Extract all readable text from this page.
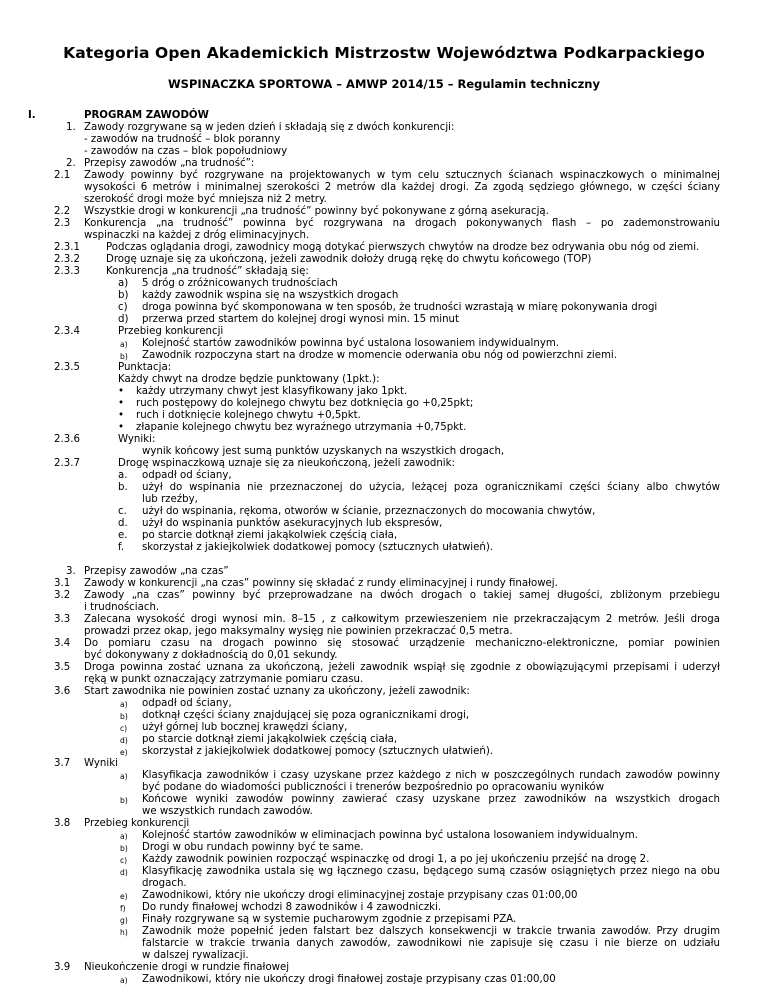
Kategoria Open Akademickich Mistrzostw Województwa Podkarpackiego
WSPINACZKA SPORTOWA – AMWP 2014/15 – Regulamin techniczny
I.	PROGRAM ZAWODÓW
1. Zawody rozgrywane są w jeden dzień i składają się z dwóch konkurencji:
- zawodów na trudność – blok poranny
- zawodów na czas – blok popołudniowy
2. Przepisy zawodów „na trudność”:
2.1 Zawody powinny być rozgrywane na projektowanych w tym celu sztucznych ścianach wspinaczkowych o minimalnej
wysokości 6 metrów i minimalnej szerokości 2 metrów dla każdej drogi. Za zgodą sędziego głównego, w części ściany
szerokość drogi może być mniejsza niż 2 metry.
2.2 Wszystkie drogi w konkurencji „na trudność” powinny być pokonywane z górną asekuracją.
2.3 Konkurencja „na trudność” powinna być rozgrywana na drogach pokonywanych flash – po zademonstrowaniu
wspinaczki na każdej z dróg eliminacyjnych.
2.3.1	Podczas oglądania drogi, zawodnicy mogą dotykać pierwszych chwytów na drodze bez odrywania obu nóg od ziemi.
2.3.2	Drogę uznaje się za ukończoną, jeżeli zawodnik dołoży drugą rękę do chwytu końcowego (TOP)
2.3.3	Konkurencja „na trudność” składają się:
a) 5 dróg o zróżnicowanych trudnościach
b) każdy zawodnik wspina się na wszystkich drogach
c) droga powinna być skomponowana w ten sposób, że trudności wzrastają w miarę pokonywania drogi
d) przerwa przed startem do kolejnej drogi wynosi min. 15 minut
2.3.4	Przebieg konkurencji
a) Kolejność startów zawodników powinna być ustalona losowaniem indywidualnym.
b) Zawodnik rozpoczyna start na drodze w momencie oderwania obu nóg od powierzchni ziemi.
2.3.5	Punktacja:
Każdy chwyt na drodze będzie punktowany (1pkt.):
• każdy utrzymany chwyt jest klasyfikowany jako 1pkt.
• ruch postępowy do kolejnego chwytu bez dotknięcia go +0,25pkt;
• ruch i dotknięcie kolejnego chwytu +0,5pkt.
• złapanie kolejnego chwytu bez wyraźnego utrzymania +0,75pkt.
2.3.6	Wyniki:
wynik końcowy jest sumą punktów uzyskanych na wszystkich drogach,
2.3.7	Drogę wspinaczkową uznaje się za nieukończoną, jeżeli zawodnik:
a. odpadł od ściany,
b. użył do wspinania nie przeznaczonej do użycia, leżącej poza ogranicznikami części ściany albo chwytów
lub rzeźby,
c. użył do wspinania, rękoma, otworów w ścianie, przeznaczonych do mocowania chwytów,
d. użył do wspinania punktów asekuracyjnych lub ekspresów,
e. po starcie dotknął ziemi jakąkolwiek częścią ciała,
f. skorzystał z jakiejkolwiek dodatkowej pomocy (sztucznych ułatwień).
3. Przepisy zawodów „na czas”
3.1 Zawody w konkurencji „na czas” powinny się składać z rundy eliminacyjnej i rundy finałowej.
3.2 Zawody „na czas” powinny być przeprowadzane na dwóch drogach o takiej samej długości, zbliżonym przebiegu
i trudnościach.
3.3 Zalecana wysokość drogi wynosi min. 8–15 , z całkowitym przewieszeniem nie przekraczającym 2 metrów. Jeśli droga
prowadzi przez okap, jego maksymalny wysięg nie powinien przekraczać 0,5 metra.
3.4 Do pomiaru czasu na drogach powinno się stosować urządzenie mechaniczno-elektroniczne, pomiar powinien
być dokonywany z dokładnością do 0,01 sekundy.
3.5 Droga powinna zostać uznana za ukończoną, jeżeli zawodnik wspiął się zgodnie z obowiązującymi przepisami i uderzył
ręką w punkt oznaczający zatrzymanie pomiaru czasu.
3.6 Start zawodnika nie powinien zostać uznany za ukończony, jeżeli zawodnik:
a) odpadł od ściany,
b) dotknął części ściany znajdującej się poza ogranicznikami drogi,
c) użył górnej lub bocznej krawędzi ściany,
d) po starcie dotknął ziemi jakąkolwiek częścią ciała,
e) skorzystał z jakiejkolwiek dodatkowej pomocy (sztucznych ułatwień).
3.7 Wyniki
a) Klasyfikacja zawodników i czasy uzyskane przez każdego z nich w poszczególnych rundach zawodów powinny
być podane do wiadomości publiczności i trenerów bezpośrednio po opracowaniu wyników
b) Końcowe wyniki zawodów powinny zawierać czasy uzyskane przez zawodników na wszystkich drogach
we wszystkich rundach zawodów.
3.8 Przebieg konkurencji
a) Kolejność startów zawodników w eliminacjach powinna być ustalona losowaniem indywidualnym.
b) Drogi w obu rundach powinny być te same.
c) Każdy zawodnik powinien rozpocząć wspinaczkę od drogi 1, a po jej ukończeniu przejść na drogę 2.
d) Klasyfikację zawodnika ustala się wg łącznego czasu, będącego sumą czasów osiągniętych przez niego na obu
drogach.
e) Zawodnikowi, który nie ukończy drogi eliminacyjnej zostaje przypisany czas 01:00,00
f) Do rundy finałowej wchodzi 8 zawodników i 4 zawodniczki.
g) Finały rozgrywane są w systemie pucharowym zgodnie z przepisami PZA.
h) Zawodnik może popełnić jeden falstart bez dalszych konsekwencji w trakcie trwania zawodów. Przy drugim
falstarcie w trakcie trwania danych zawodów, zawodnikowi nie zapisuje się czasu i nie bierze on udziału
w dalszej rywalizacji.
3.9 Nieukończenie drogi w rundzie finałowej
a) Zawodnikowi, który nie ukończy drogi finałowej zostaje przypisany czas 01:00,00
